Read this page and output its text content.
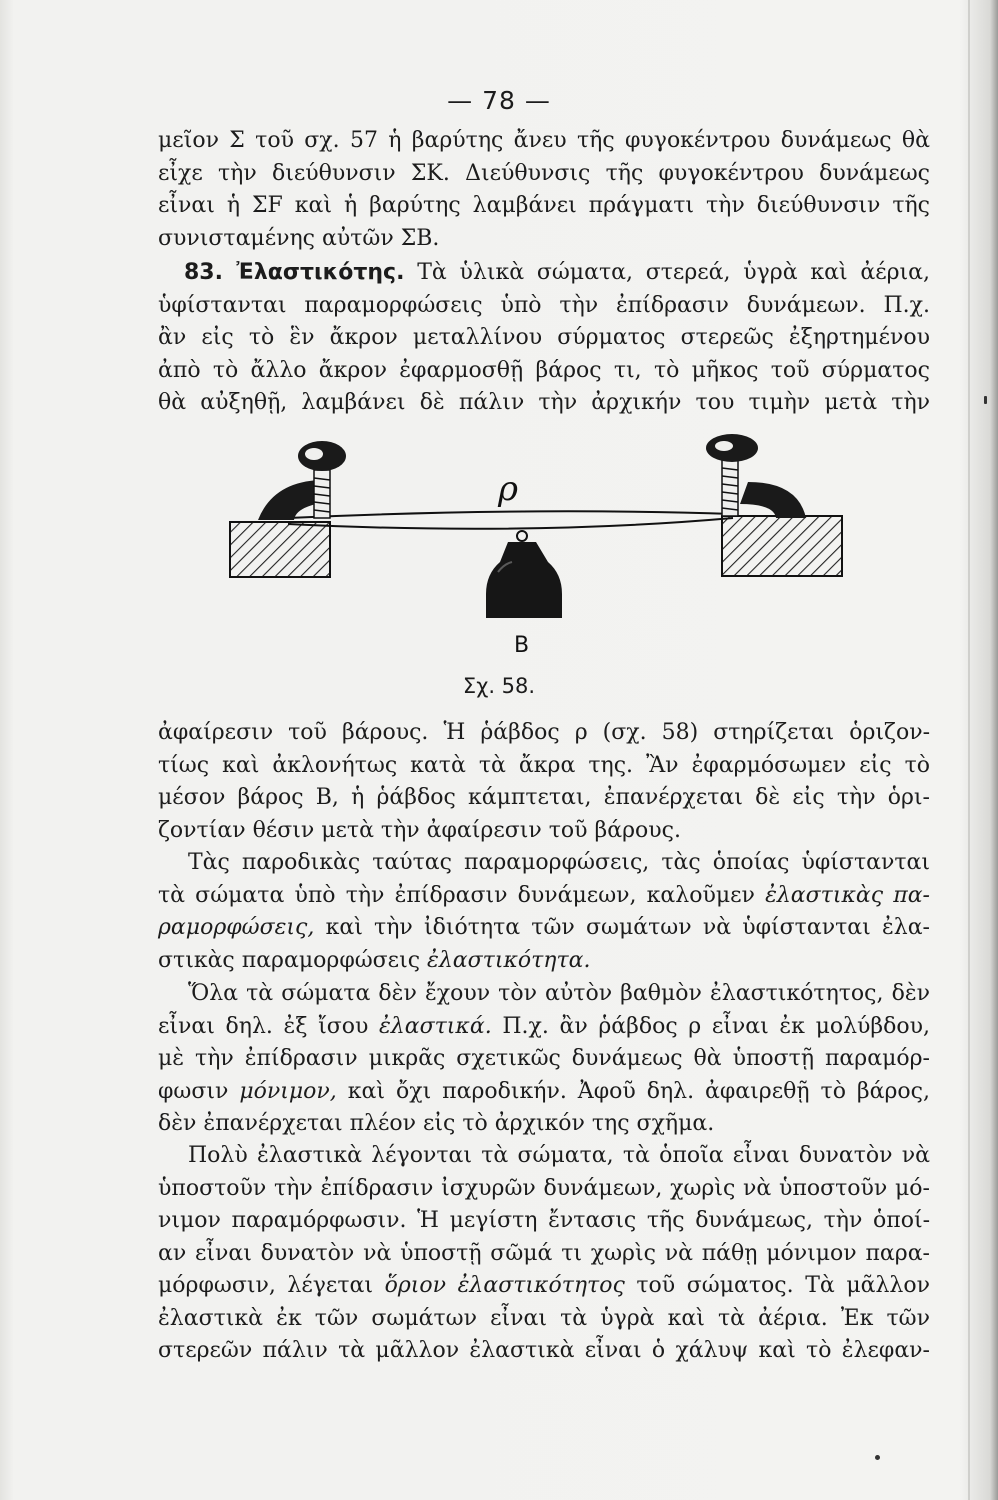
— 78 —
μεῖον Σ τοῦ σχ. 57 ἡ βαρύτης ἄνευ τῆς φυγοκέντρου δυνάμεως θὰ
εἶχε τὴν διεύθυνσιν ΣΚ. Διεύθυνσις τῆς φυγοκέντρου δυνάμεως
εἶναι ἡ ΣF καὶ ἡ βαρύτης λαμβάνει πράγματι τὴν διεύθυνσιν τῆς
συνισταμένης αὐτῶν ΣΒ.
83. Ἐλαστικότης. Τὰ ὑλικὰ σώματα, στερεά, ὑγρὰ καὶ ἀέρια,
ὑφίστανται παραμορφώσεις ὑπὸ τὴν ἐπίδρασιν δυνάμεων. Π.χ.
ἂν εἰς τὸ ἓν ἄκρον μεταλλίνου σύρματος στερεῶς ἐξηρτημένου
ἀπὸ τὸ ἄλλο ἄκρον ἐφαρμοσθῇ βάρος τι, τὸ μῆκος τοῦ σύρματος
θὰ αὐξηθῇ, λαμβάνει δὲ πάλιν τὴν ἀρχικήν του τιμὴν μετὰ τὴν
ρ
B
Σχ. 58.
ἀφαίρεσιν τοῦ βάρους. Ἡ ῥάβδος ρ (σχ. 58) στηρίζεται ὁριζον-
τίως καὶ ἀκλονήτως κατὰ τὰ ἄκρα της. Ἂν ἐφαρμόσωμεν εἰς τὸ
μέσον βάρος Β, ἡ ῥάβδος κάμπτεται, ἐπανέρχεται δὲ εἰς τὴν ὁρι-
ζοντίαν θέσιν μετὰ τὴν ἀφαίρεσιν τοῦ βάρους.
Τὰς παροδικὰς ταύτας παραμορφώσεις, τὰς ὁποίας ὑφίστανται
τὰ σώματα ὑπὸ τὴν ἐπίδρασιν δυνάμεων, καλοῦμεν ἐλαστικὰς πα-
ραμορφώσεις, καὶ τὴν ἰδιότητα τῶν σωμάτων νὰ ὑφίστανται ἐλα-
στικὰς παραμορφώσεις ἐλαστικότητα.
Ὅλα τὰ σώματα δὲν ἔχουν τὸν αὐτὸν βαθμὸν ἐλαστικότητος, δὲν
εἶναι δηλ. ἐξ ἴσου ἐλαστικά. Π.χ. ἂν ῥάβδος ρ εἶναι ἐκ μολύβδου,
μὲ τὴν ἐπίδρασιν μικρᾶς σχετικῶς δυνάμεως θὰ ὑποστῇ παραμόρ-
φωσιν μόνιμον, καὶ ὄχι παροδικήν. Ἀφοῦ δηλ. ἀφαιρεθῇ τὸ βάρος,
δὲν ἐπανέρχεται πλέον εἰς τὸ ἀρχικόν της σχῆμα.
Πολὺ ἐλαστικὰ λέγονται τὰ σώματα, τὰ ὁποῖα εἶναι δυνατὸν νὰ
ὑποστοῦν τὴν ἐπίδρασιν ἰσχυρῶν δυνάμεων, χωρὶς νὰ ὑποστοῦν μό-
νιμον παραμόρφωσιν. Ἡ μεγίστη ἔντασις τῆς δυνάμεως, τὴν ὁποί-
αν εἶναι δυνατὸν νὰ ὑποστῇ σῶμά τι χωρὶς νὰ πάθῃ μόνιμον παρα-
μόρφωσιν, λέγεται ὅριον ἐλαστικότητος τοῦ σώματος. Τὰ μᾶλλον
ἐλαστικὰ ἐκ τῶν σωμάτων εἶναι τὰ ὑγρὰ καὶ τὰ ἀέρια. Ἐκ τῶν
στερεῶν πάλιν τὰ μᾶλλον ἐλαστικὰ εἶναι ὁ χάλυψ καὶ τὸ ἐλεφαν-
